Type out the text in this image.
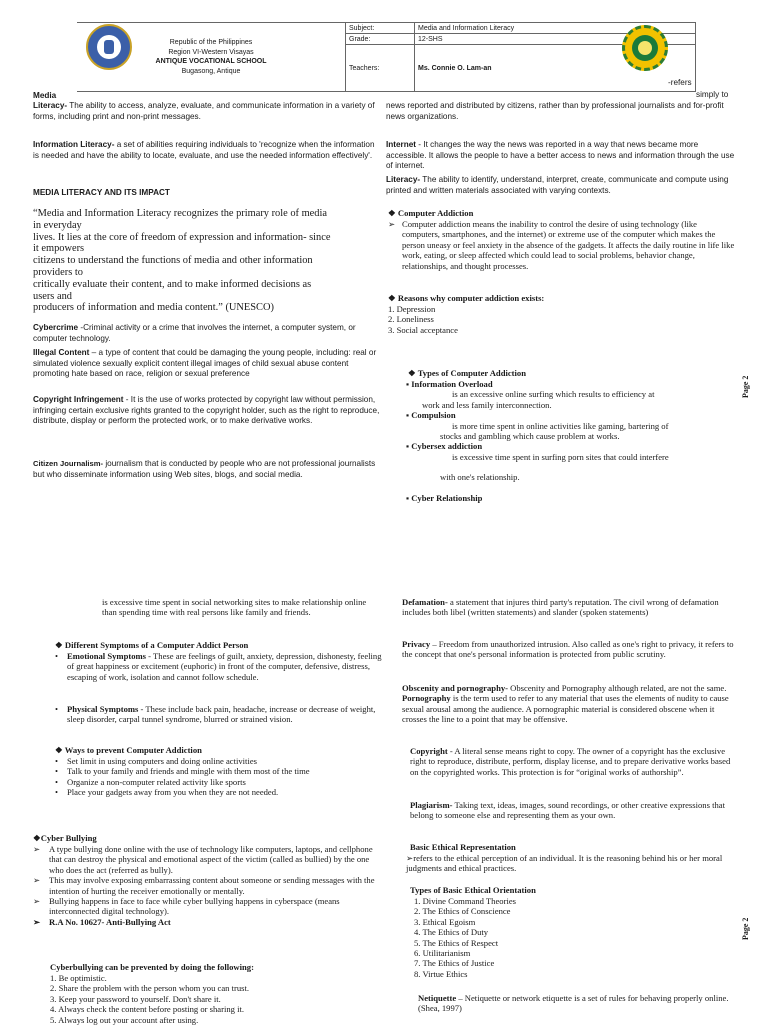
Republic of the Philippines
Region VI-Western Visayas
ANTIQUE VOCATIONAL SCHOOL
Bugasong, Antique	Subject:	Media and Information Literacy
	Grade:	12-SHS
	Teachers:	Ms. Connie O. Lam-an
Media
Literacy- The ability to access, analyze, evaluate, and communicate information in a variety of forms, including print and non-print messages.
Information Literacy- a set of abilities requiring individuals to 'recognize when the information is needed and have the ability to locate, evaluate, and use the needed information effectively'.
MEDIA LITERACY AND ITS IMPACT
“Media and Information Literacy recognizes the primary role of media
in everyday
lives. It lies at the core of freedom of expression and information- since
it empowers
citizens to understand the functions of media and other information
providers to
critically evaluate their content, and to make informed decisions as
users and
producers of information and media content.” (UNESCO)
Cybercrime -Criminal activity or a crime that involves the internet, a computer system, or computer technology.
Illegal Content – a type of content that could be damaging the young people, including: real or simulated violence sexually explicit content illegal images of child sexual abuse content promoting hate based on race, religion or sexual preference
Copyright Infringement - It is the use of works protected by copyright law without permission, infringing certain exclusive rights granted to the copyright holder, such as the right to reproduce, distribute, display or perform the protected work, or to make derivative works.
Citizen Journalism- journalism that is conducted by people who are not professional journalists but who disseminate information using Web sites, blogs, and social media.
-refers
simply to
news reported and distributed by citizens, rather than by professional journalists and for-profit news organizations.
Internet - It changes the way the news was reported in a way that news became more accessible. It allows the people to have a better access to news and information through the use of internet.
Literacy- The ability to identify, understand, interpret, create, communicate and compute using printed and written materials associated with varying contexts.
❖ Computer Addiction
➢ Computer addiction means the inability to control the desire of using technology (like computers, smartphones, and the internet) or extreme use of the computer which makes the person uneasy or feel anxiety in the absence of the gadgets. It affects the daily routine in life like work, eating, or sleep affected which could lead to social problems, behavior change, relationships, and thought processes.
❖ Reasons why computer addiction exists:
1. Depression
2. Loneliness
3. Social acceptance
❖ Types of Computer Addiction
▪ Information Overload
is an excessive online surfing which results to efficiency at
work and less family interconnection.
▪ Compulsion
is more time spent in online activities like gaming, bartering of
stocks and gambling which cause problem at works.
▪ Cybersex addiction
is excessive time spent in surfing porn sites that could interfere
with one's relationship.
▪ Cyber Relationship
Page 2
is excessive time spent in social networking sites to make relationship online than spending time with real persons like family and friends.
❖ Different Symptoms of a Computer Addict Person
•	Emotional Symptoms - These are feelings of guilt, anxiety, depression, dishonesty, feeling of great happiness or excitement (euphoric) in front of the computer, defensive, distress, escaping of work, isolation and cannot follow schedule.
•	Physical Symptoms - These include back pain, headache, increase or decrease of weight, sleep disorder, carpal tunnel syndrome, blurred or strained vision.
❖ Ways to prevent Computer Addiction
• Set limit in using computers and doing online activities
• Talk to your family and friends and mingle with them most of the time
• Organize a non-computer related activity like sports
• Place your gadgets away from you when they are not needed.
❖Cyber Bullying
➢ A type bullying done online with the use of technology like computers, laptops, and cellphone that can destroy the physical and emotional aspect of the victim (called as bullied) by the one who does the act (referred as bully).
➢ This may involve exposing embarrassing content about someone or sending messages with the intention of hurting the receiver emotionally or mentally.
➢ Bullying happens in face to face while cyber bullying happens in cyberspace (means interconnected digital technology).
➢ R.A No. 10627- Anti-Bullying Act
Cyberbullying can be prevented by doing the following:
1. Be optimistic.
2. Share the problem with the person whom you can trust.
3. Keep your password to yourself. Don't share it.
4. Always check the content before posting or sharing it.
5. Always log out your account after using.
Defamation- a statement that injures third party's reputation. The civil wrong of defamation includes both libel (written statements) and slander (spoken statements)
Privacy – Freedom from unauthorized intrusion. Also called as one's right to privacy, it refers to the concept that one's personal information is protected from public scrutiny.
Obscenity and pornography- Obscenity and Pornography although related, are not the same. Pornography is the term used to refer to any material that uses the elements of nudity to cause sexual arousal among the audience. A pornographic material is considered obscene when it crosses the line to a point that may be offensive.
Copyright - A literal sense means right to copy. The owner of a copyright has the exclusive right to reproduce, distribute, perform, display license, and to prepare derivative works based on the copyrighted works. This protection is for “original works of authorship”.
Plagiarism- Taking text, ideas, images, sound recordings, or other creative expressions that belong to someone else and representing them as your own.
Basic Ethical Representation
➢refers to the ethical perception of an individual. It is the reasoning behind his or her moral judgments and ethical practices.
Types of Basic Ethical Orientation
1. Divine Command Theories
2. The Ethics of Conscience
3. Ethical Egoism
4. The Ethics of Duty
5. The Ethics of Respect
6. Utilitarianism
7. The Ethics of Justice
8. Virtue Ethics
Netiquette – Netiquette or network etiquette is a set of rules for behaving properly online. (Shea, 1997)
Page 2
